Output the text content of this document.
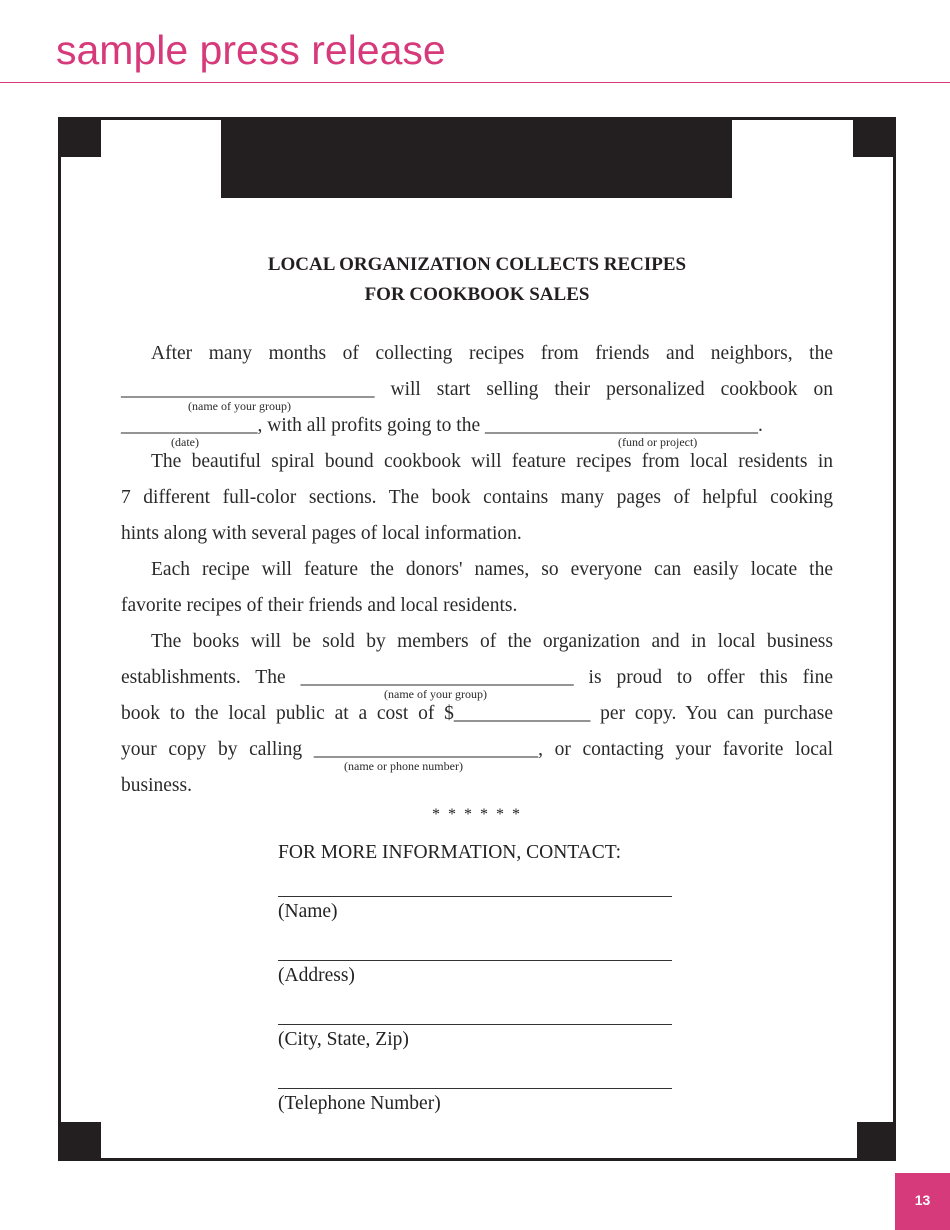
sample press release
LOCAL ORGANIZATION COLLECTS RECIPES
FOR COOKBOOK SALES
After many months of collecting recipes from friends and neighbors, the
__________________________ will start selling their personalized cookbook on
(name of your group)
______________, with all profits going to the ____________________________.
(date)	(fund or project)
The beautiful spiral bound cookbook will feature recipes from local residents in
7 different full-color sections. The book contains many pages of helpful cooking
hints along with several pages of local information.
Each recipe will feature the donors' names, so everyone can easily locate the
favorite recipes of their friends and local residents.
The books will be sold by members of the organization and in local business
establishments. The ____________________________ is proud to offer this fine
(name of your group)
book to the local public at a cost of $______________ per copy. You can purchase
your copy by calling _______________________, or contacting your favorite local
(name or phone number)
business.
* * * * * *
FOR MORE INFORMATION, CONTACT:
(Name)
(Address)
(City, State, Zip)
(Telephone Number)
13
